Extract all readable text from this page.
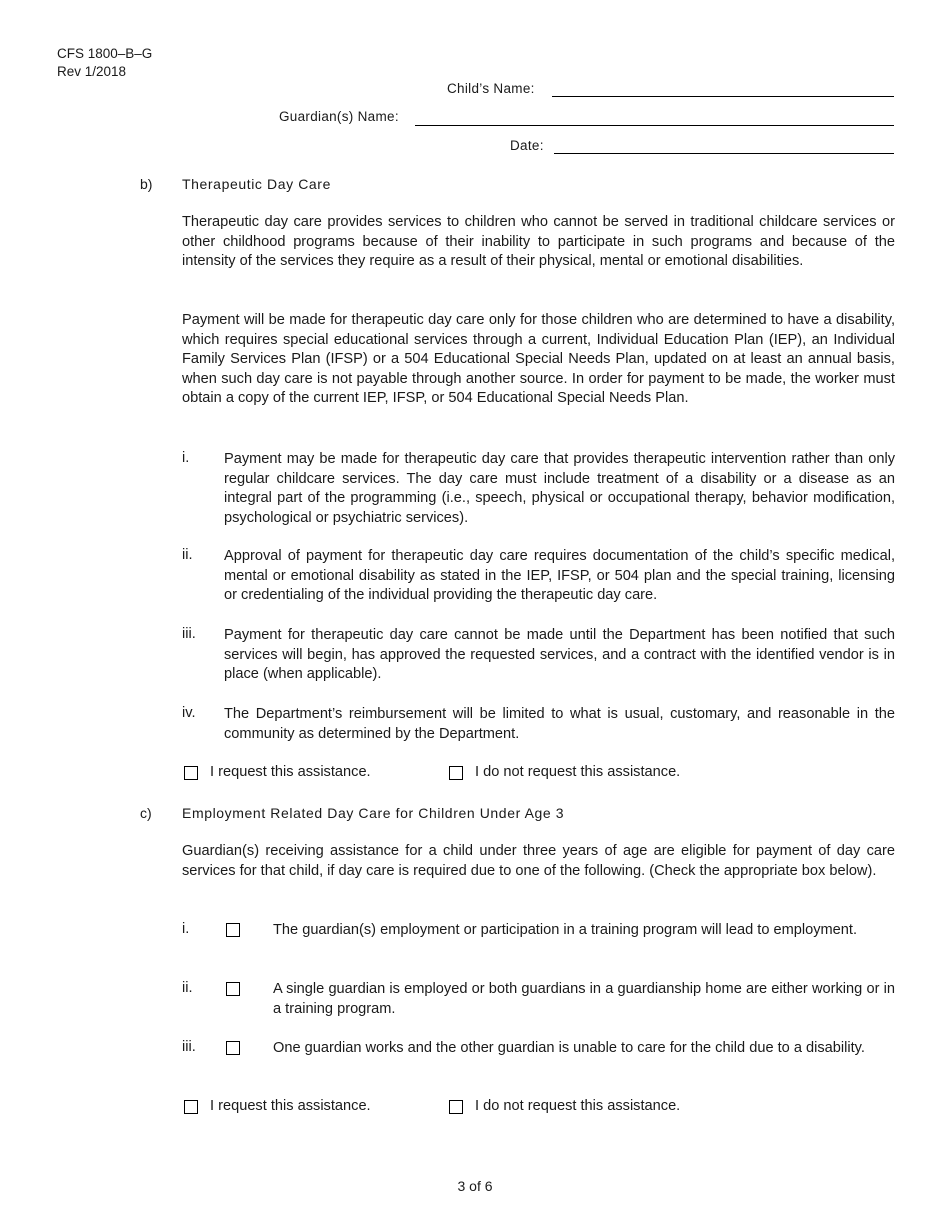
CFS 1800–B–G
Rev 1/2018
Child’s Name:
Guardian(s) Name:
Date:
b) Therapeutic Day Care

Therapeutic day care provides services to children who cannot be served in traditional childcare services or other childhood programs because of their inability to participate in such programs and because of the intensity of the services they require as a result of their physical, mental or emotional disabilities.

Payment will be made for therapeutic day care only for those children who are determined to have a disability, which requires special educational services through a current, Individual Education Plan (IEP), an Individual Family Services Plan (IFSP) or a 504 Educational Special Needs Plan, updated on at least an annual basis, when such day care is not payable through another source. In order for payment to be made, the worker must obtain a copy of the current IEP, IFSP, or 504 Educational Special Needs Plan.

i. Payment may be made for therapeutic day care that provides therapeutic intervention rather than only regular childcare services. The day care must include treatment of a disability or a disease as an integral part of the programming (i.e., speech, physical or occupational therapy, behavior modification, psychological or psychiatric services).

ii. Approval of payment for therapeutic day care requires documentation of the child’s specific medical, mental or emotional disability as stated in the IEP, IFSP, or 504 plan and the special training, licensing or credentialing of the individual providing the therapeutic day care.

iii. Payment for therapeutic day care cannot be made until the Department has been notified that such services will begin, has approved the requested services, and a contract with the identified vendor is in place (when applicable).

iv. The Department’s reimbursement will be limited to what is usual, customary, and reasonable in the community as determined by the Department.

I request this assistance.	I do not request this assistance.
c) Employment Related Day Care for Children Under Age 3

Guardian(s) receiving assistance for a child under three years of age are eligible for payment of day care services for that child, if day care is required due to one of the following. (Check the appropriate box below).

i.	The guardian(s) employment or participation in a training program will lead to employment.

ii.	A single guardian is employed or both guardians in a guardianship home are either working or in a training program.

iii.	One guardian works and the other guardian is unable to care for the child due to a disability.

I request this assistance.	I do not request this assistance.
3 of 6
